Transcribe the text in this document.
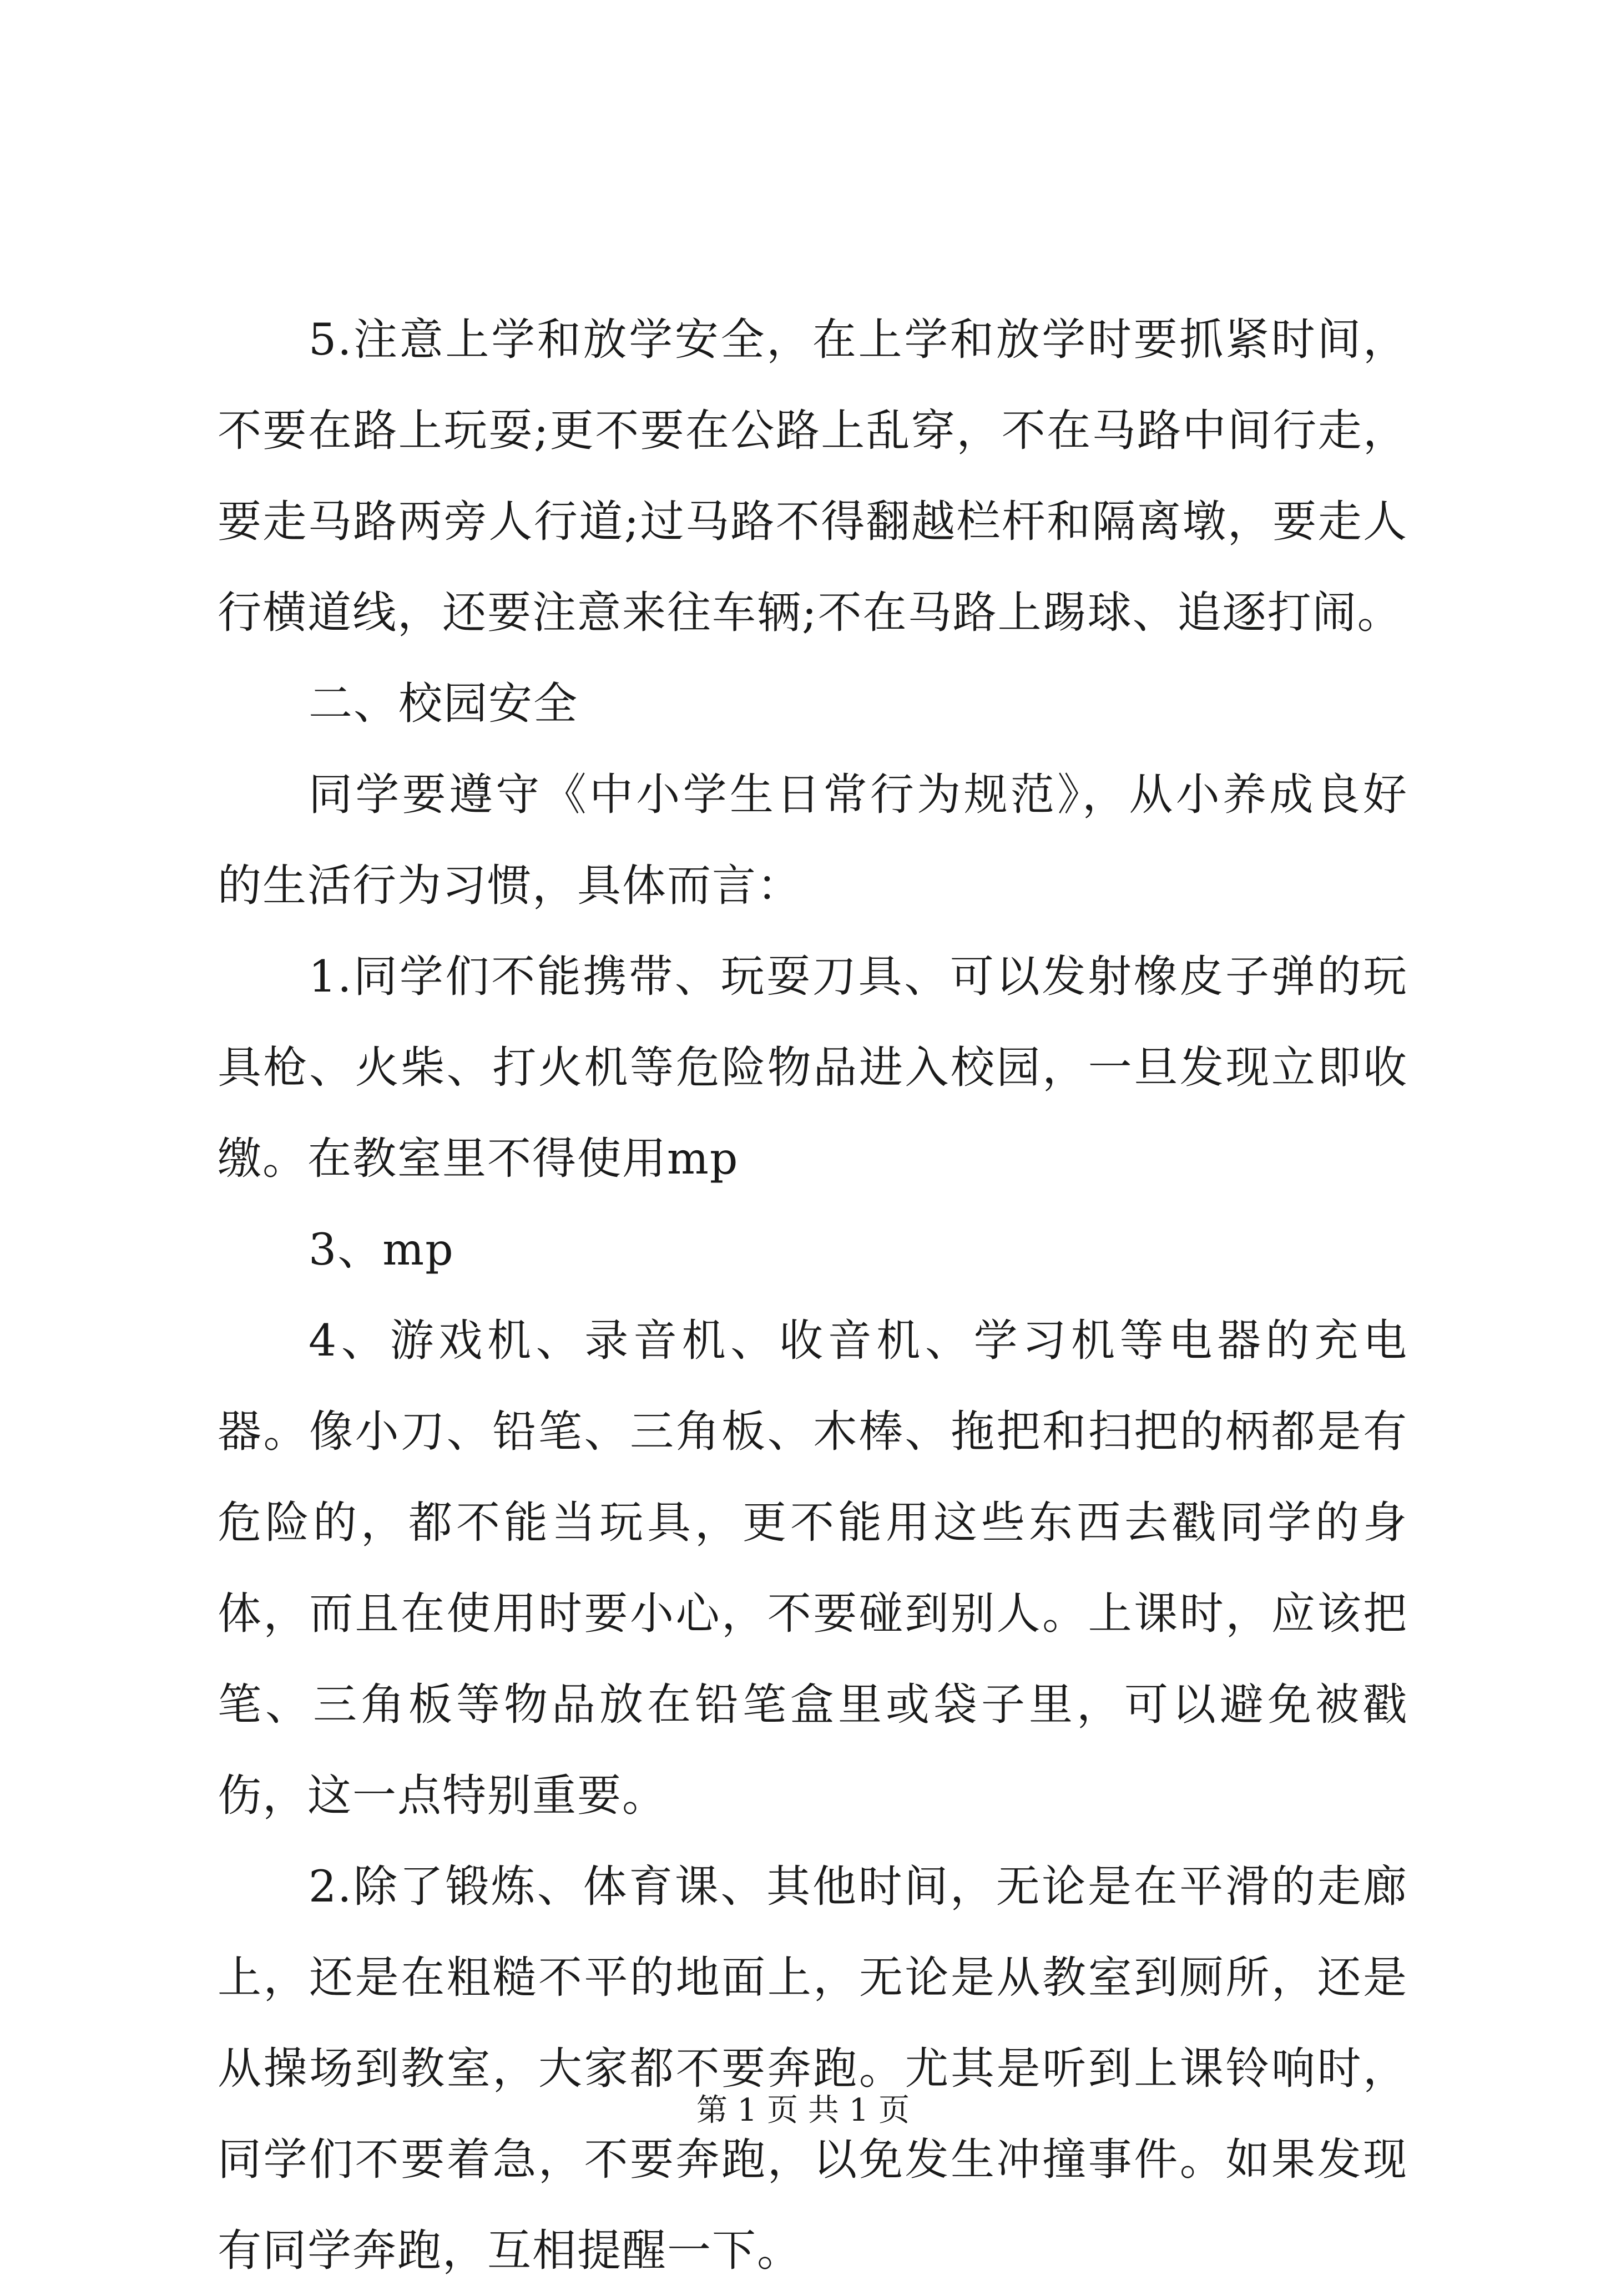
5.注意上学和放学安全，在上学和放学时要抓紧时间，不要在路上玩耍;更不要在公路上乱穿，不在马路中间行走，要走马路两旁人行道;过马路不得翻越栏杆和隔离墩，要走人行横道线，还要注意来往车辆;不在马路上踢球、追逐打闹。

二、校园安全

同学要遵守《中小学生日常行为规范》，从小养成良好的生活行为习惯，具体而言：

1.同学们不能携带、玩耍刀具、可以发射橡皮子弹的玩具枪、火柴、打火机等危险物品进入校园，一旦发现立即收缴。在教室里不得使用mp

3、mp

4、游戏机、录音机、收音机、学习机等电器的充电器。像小刀、铅笔、三角板、木棒、拖把和扫把的柄都是有危险的，都不能当玩具，更不能用这些东西去戳同学的身体，而且在使用时要小心，不要碰到别人。上课时，应该把笔、三角板等物品放在铅笔盒里或袋子里，可以避免被戳伤，这一点特别重要。

2.除了锻炼、体育课、其他时间，无论是在平滑的走廊上，还是在粗糙不平的地面上，无论是从教室到厕所，还是从操场到教室，大家都不要奔跑。尤其是听到上课铃响时，同学们不要着急，不要奔跑，以免发生冲撞事件。如果发现有同学奔跑，互相提醒一下。

第 1 页 共 1 页
